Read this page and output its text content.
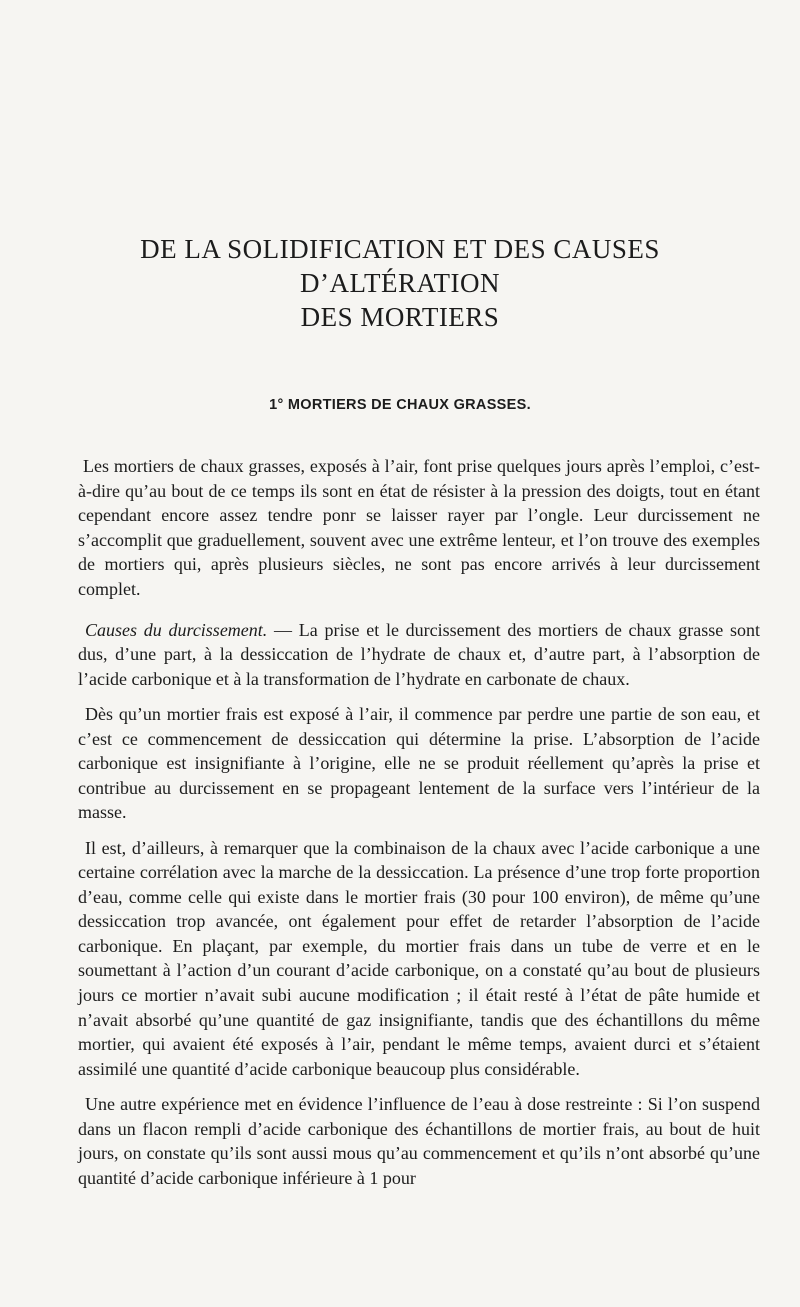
DE LA SOLIDIFICATION ET DES CAUSES D’ALTÉRATION
DES MORTIERS
1° MORTIERS DE CHAUX GRASSES.

Les mortiers de chaux grasses, exposés à l’air, font prise quelques jours après l’emploi, c’est-à-dire qu’au bout de ce temps ils sont en état de résister à la pression des doigts, tout en étant cependant encore assez tendre ponr se laisser rayer par l’ongle. Leur durcissement ne s’accomplit que graduellement, souvent avec une extrême lenteur, et l’on trouve des exemples de mortiers qui, après plusieurs siècles, ne sont pas encore arrivés à leur durcissement complet.

Causes du durcissement. — La prise et le durcissement des mortiers de chaux grasse sont dus, d’une part, à la dessiccation de l’hydrate de chaux et, d’autre part, à l’absorption de l’acide carbonique et à la transformation de l’hydrate en carbonate de chaux.

Dès qu’un mortier frais est exposé à l’air, il commence par perdre une partie de son eau, et c’est ce commencement de dessiccation qui détermine la prise. L’absorption de l’acide carbonique est insignifiante à l’origine, elle ne se produit réellement qu’après la prise et contribue au durcissement en se propageant lentement de la surface vers l’intérieur de la masse.

Il est, d’ailleurs, à remarquer que la combinaison de la chaux avec l’acide carbonique a une certaine corrélation avec la marche de la dessiccation. La présence d’une trop forte proportion d’eau, comme celle qui existe dans le mortier frais (30 pour 100 environ), de même qu’une dessiccation trop avancée, ont également pour effet de retarder l’absorption de l’acide carbonique. En plaçant, par exemple, du mortier frais dans un tube de verre et en le soumettant à l’action d’un courant d’acide carbonique, on a constaté qu’au bout de plusieurs jours ce mortier n’avait subi aucune modification ; il était resté à l’état de pâte humide et n’avait absorbé qu’une quantité de gaz insignifiante, tandis que des échantillons du même mortier, qui avaient été exposés à l’air, pendant le même temps, avaient durci et s’étaient assimilé une quantité d’acide carbonique beaucoup plus considérable.

Une autre expérience met en évidence l’influence de l’eau à dose restreinte : Si l’on suspend dans un flacon rempli d’acide carbonique des échantillons de mortier frais, au bout de huit jours, on constate qu’ils sont aussi mous qu’au commencement et qu’ils n’ont absorbé qu’une quantité d’acide carbonique inférieure à 1 pour
